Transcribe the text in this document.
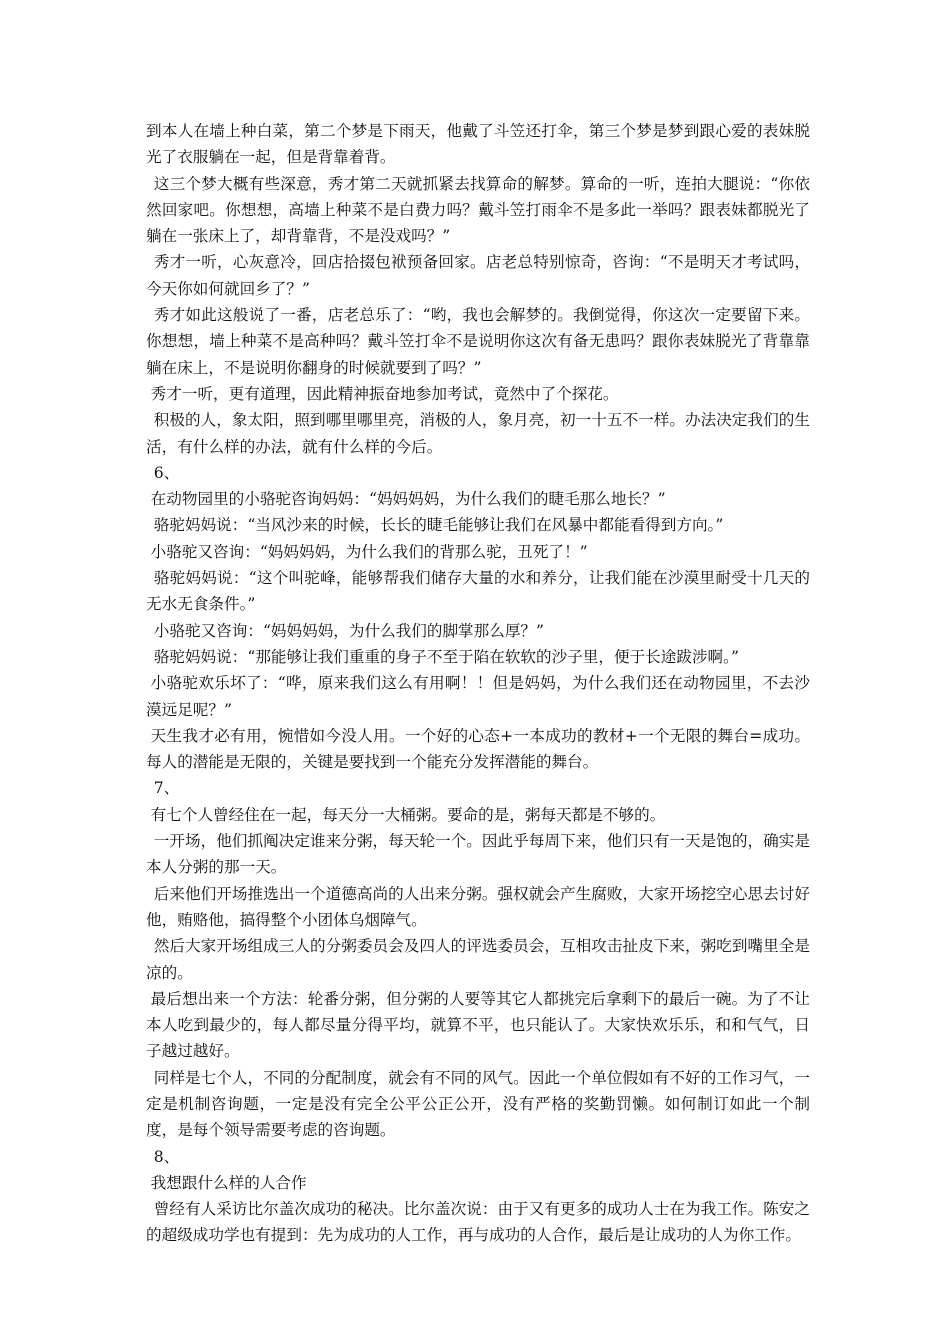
到本人在墙上种白菜，第二个梦是下雨天，他戴了斗笠还打伞，第三个梦是梦到跟心爱的表妹脱光了衣服躺在一起，但是背靠着背。

这三个梦大概有些深意，秀才第二天就抓紧去找算命的解梦。算命的一听，连拍大腿说：“你依然回家吧。你想想，高墙上种菜不是白费力吗？戴斗笠打雨伞不是多此一举吗？跟表妹都脱光了躺在一张床上了，却背靠背，不是没戏吗？”

秀才一听，心灰意冷，回店拾掇包袱预备回家。店老总特别惊奇，咨询：“不是明天才考试吗，今天你如何就回乡了？”

秀才如此这般说了一番，店老总乐了：“哟，我也会解梦的。我倒觉得，你这次一定要留下来。你想想，墙上种菜不是高种吗？戴斗笠打伞不是说明你这次有备无患吗？跟你表妹脱光了背靠靠躺在床上，不是说明你翻身的时候就要到了吗？”

秀才一听，更有道理，因此精神振奋地参加考试，竟然中了个探花。

积极的人，象太阳，照到哪里哪里亮，消极的人，象月亮，初一十五不一样。办法决定我们的生活，有什么样的办法，就有什么样的今后。

6、

在动物园里的小骆驼咨询妈妈：“妈妈妈妈，为什么我们的睫毛那么地长？”

骆驼妈妈说：“当风沙来的时候，长长的睫毛能够让我们在风暴中都能看得到方向。”

小骆驼又咨询：“妈妈妈妈，为什么我们的背那么驼，丑死了！”

骆驼妈妈说：“这个叫驼峰，能够帮我们储存大量的水和养分，让我们能在沙漠里耐受十几天的无水无食条件。”

小骆驼又咨询：“妈妈妈妈，为什么我们的脚掌那么厚？”

骆驼妈妈说：“那能够让我们重重的身子不至于陷在软软的沙子里，便于长途跋涉啊。”

小骆驼欢乐坏了：“哗，原来我们这么有用啊！！但是妈妈，为什么我们还在动物园里，不去沙漠远足呢？”

天生我才必有用，惋惜如今没人用。一个好的心态+一本成功的教材+一个无限的舞台=成功。每人的潜能是无限的，关键是要找到一个能充分发挥潜能的舞台。

7、

有七个人曾经住在一起，每天分一大桶粥。要命的是，粥每天都是不够的。

一开场，他们抓阄决定谁来分粥，每天轮一个。因此乎每周下来，他们只有一天是饱的，确实是本人分粥的那一天。

后来他们开场推选出一个道德高尚的人出来分粥。强权就会产生腐败，大家开场挖空心思去讨好他，贿赂他，搞得整个小团体乌烟障气。

然后大家开场组成三人的分粥委员会及四人的评选委员会，互相攻击扯皮下来，粥吃到嘴里全是凉的。

最后想出来一个方法：轮番分粥，但分粥的人要等其它人都挑完后拿剩下的最后一碗。为了不让本人吃到最少的，每人都尽量分得平均，就算不平，也只能认了。大家快欢乐乐，和和气气，日子越过越好。

同样是七个人，不同的分配制度，就会有不同的风气。因此一个单位假如有不好的工作习气，一定是机制咨询题，一定是没有完全公平公正公开，没有严格的奖勤罚懒。如何制订如此一个制度，是每个领导需要考虑的咨询题。

8、

我想跟什么样的人合作

曾经有人采访比尔盖次成功的秘决。比尔盖次说：由于又有更多的成功人士在为我工作。陈安之的超级成功学也有提到：先为成功的人工作，再与成功的人合作，最后是让成功的人为你工作。
